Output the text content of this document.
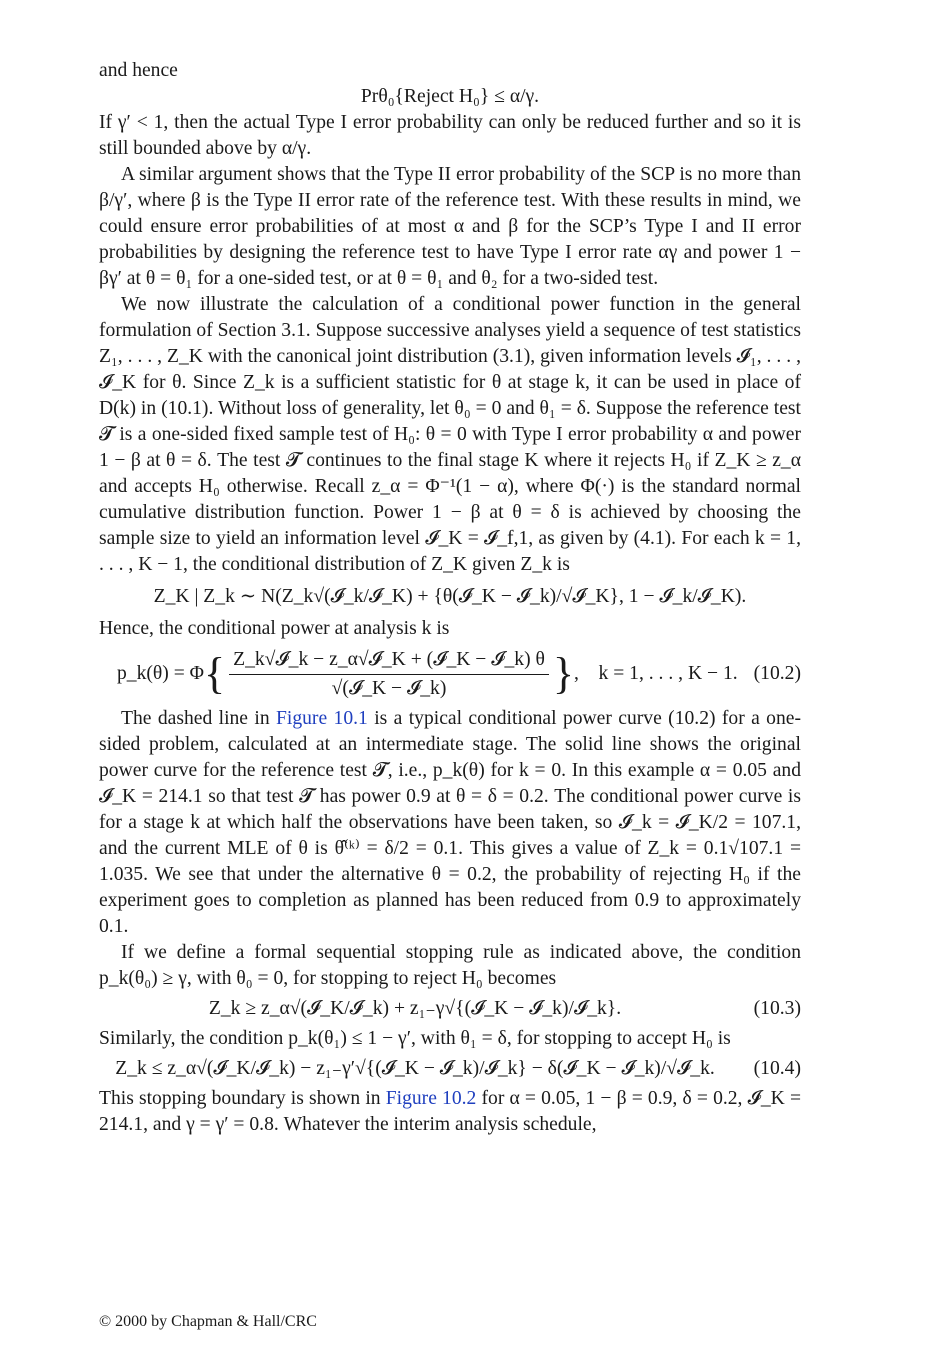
and hence

Prθ₀{Reject H₀} ≤ α/γ.

If γ′ < 1, then the actual Type I error probability can only be reduced further and so it is still bounded above by α/γ.

A similar argument shows that the Type II error probability of the SCP is no more than β/γ′, where β is the Type II error rate of the reference test. With these results in mind, we could ensure error probabilities of at most α and β for the SCP’s Type I and II error probabilities by designing the reference test to have Type I error rate αγ and power 1 − βγ′ at θ = θ₁ for a one-sided test, or at θ = θ₁ and θ₂ for a two-sided test.

We now illustrate the calculation of a conditional power function in the general formulation of Section 3.1. Suppose successive analyses yield a sequence of test statistics Z₁, . . . , Z_K with the canonical joint distribution (3.1), given information levels 𝓘₁, . . . , 𝓘_K for θ. Since Z_k is a sufficient statistic for θ at stage k, it can be used in place of D(k) in (10.1). Without loss of generality, let θ₀ = 0 and θ₁ = δ. Suppose the reference test 𝓣 is a one-sided fixed sample test of H₀: θ = 0 with Type I error probability α and power 1 − β at θ = δ. The test 𝓣 continues to the final stage K where it rejects H₀ if Z_K ≥ z_α and accepts H₀ otherwise. Recall z_α = Φ⁻¹(1 − α), where Φ(·) is the standard normal cumulative distribution function. Power 1 − β at θ = δ is achieved by choosing the sample size to yield an information level 𝓘_K = 𝓘_f,1, as given by (4.1). For each k = 1, . . . , K − 1, the conditional distribution of Z_K given Z_k is

Z_K | Z_k ∼ N(Z_k√(𝓘_k/𝓘_K) + {θ(𝓘_K − 𝓘_k)/√𝓘_K}, 1 − 𝓘_k/𝓘_K).

Hence, the conditional power at analysis k is

p_k(θ) = Φ { $\frac{\text{Z\_k√𝓘\_k − z\_α√𝓘\_K + (𝓘\_K − 𝓘\_k) θ}}{\text{√(𝓘\_K − 𝓘\_k)}}$ } ,    k = 1, . . . , K − 1. (10.2)

The dashed line in Figure 10.1 is a typical conditional power curve (10.2) for a one-sided problem, calculated at an intermediate stage. The solid line shows the original power curve for the reference test 𝓣, i.e., p_k(θ) for k = 0. In this example α = 0.05 and 𝓘_K = 214.1 so that test 𝓣 has power 0.9 at θ = δ = 0.2. The conditional power curve is for a stage k at which half the observations have been taken, so 𝓘_k = 𝓘_K/2 = 107.1, and the current MLE of θ is θ̂⁽ᵏ⁾ = δ/2 = 0.1. This gives a value of Z_k = 0.1√107.1 = 1.035. We see that under the alternative θ = 0.2, the probability of rejecting H₀ if the experiment goes to completion as planned has been reduced from 0.9 to approximately 0.1.

If we define a formal sequential stopping rule as indicated above, the condition p_k(θ₀) ≥ γ, with θ₀ = 0, for stopping to reject H₀ becomes

Z_k ≥ z_α√(𝓘_K/𝓘_k) + z₁₋γ√{(𝓘_K − 𝓘_k)/𝓘_k}.	(10.3)

Similarly, the condition p_k(θ₁) ≤ 1 − γ′, with θ₁ = δ, for stopping to accept H₀ is

Z_k ≤ z_α√(𝓘_K/𝓘_k) − z₁₋γ′√{(𝓘_K − 𝓘_k)/𝓘_k} − δ(𝓘_K − 𝓘_k)/√𝓘_k.	(10.4)

This stopping boundary is shown in Figure 10.2 for α = 0.05, 1 − β = 0.9, δ = 0.2, 𝓘_K = 214.1, and γ = γ′ = 0.8. Whatever the interim analysis schedule,

© 2000 by Chapman & Hall/CRC
